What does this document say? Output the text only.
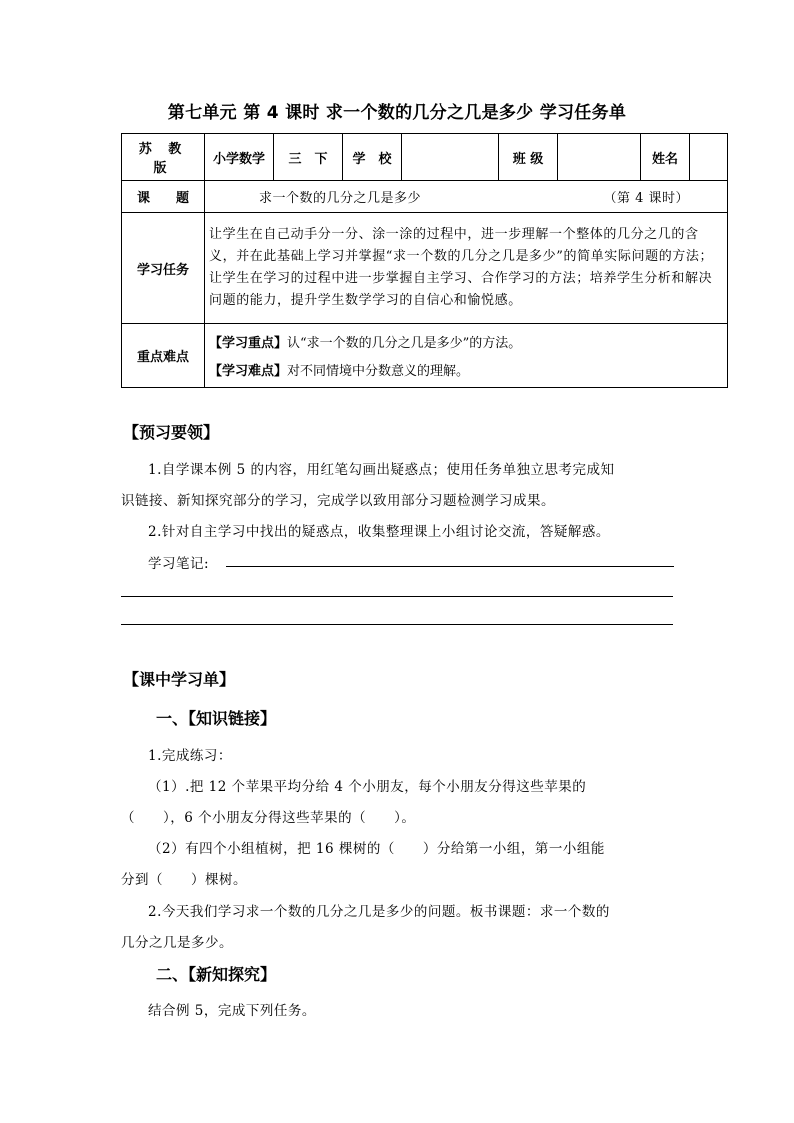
第七单元 第 4 课时 求一个数的几分之几是多少 学习任务单
苏 教 版	小学数学	三　下	学　校		班 级		姓名	
课　　题	求一个数的几分之几是多少 （第 4 课时）							

学习任务	让学生在自己动手分一分、涂一涂的过程中，进一步理解一个整体的几分之几的含义，并在此基础上学习并掌握“求一个数的几分之几是多少”的简单实际问题的方法；让学生在学习的过程中进一步掌握自主学习、合作学习的方法；培养学生分析和解决问题的能力，提升学生数学学习的自信心和愉悦感。							
重点难点	【学习重点】 认“求一个数的几分之几是多少”的方法。
【学习难点】 对不同情境中分数意义的理解。							
【预习要领】
1.自学课本例 5 的内容，用红笔勾画出疑惑点；使用任务单独立思考完成知
识链接、新知探究部分的学习，完成学以致用部分习题检测学习成果。
2.针对自主学习中找出的疑惑点，收集整理课上小组讨论交流，答疑解惑。
学习笔记:
【课中学习单】
一、【知识链接】
1.完成练习：
（1）.把 12 个苹果平均分给 4 个小朋友，每个小朋友分得这些苹果的
（　　），6 个小朋友分得这些苹果的（　　）。
（2）有四个小组植树，把 16 棵树的（　　）分给第一小组，第一小组能
分到（　　）棵树。
2.今天我们学习求一个数的几分之几是多少的问题。板书课题：求一个数的
几分之几是多少。
二、【新知探究】
结合例 5，完成下列任务。
